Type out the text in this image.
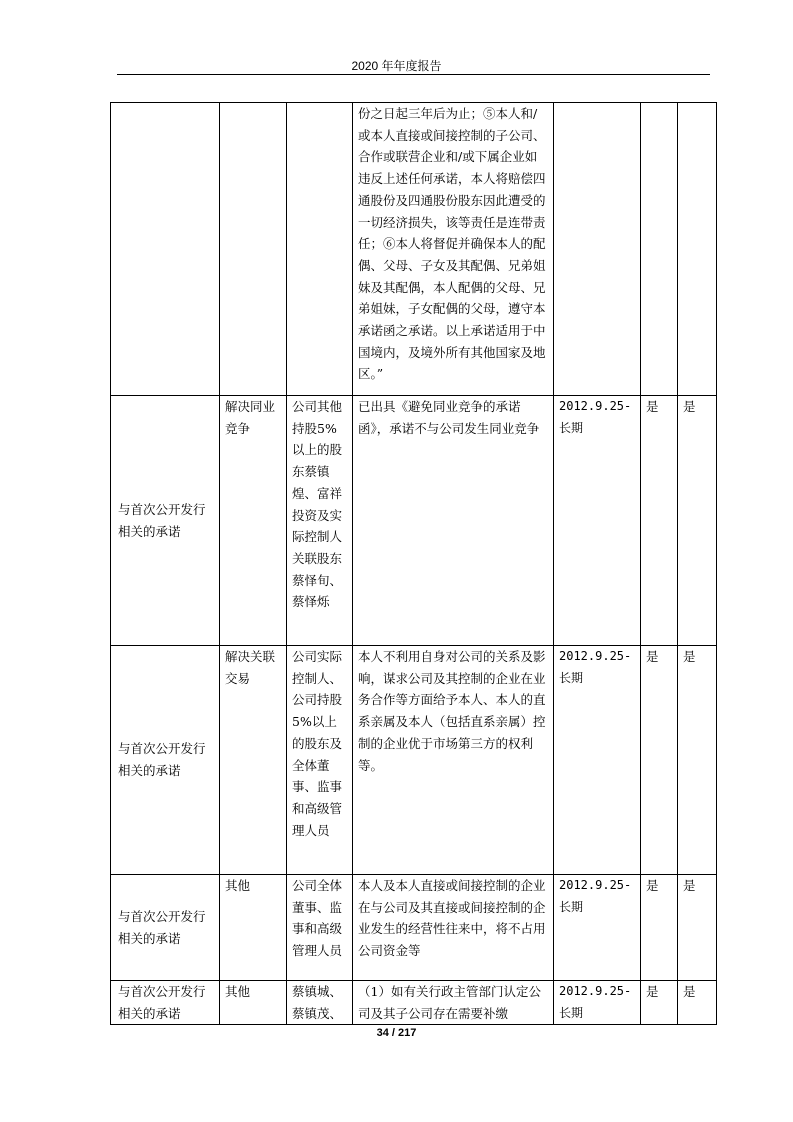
2020 年年度报告

			份之日起三年后为止；⑤本人和/或本人直接或间接控制的子公司、合作或联营企业和/或下属企业如违反上述任何承诺，本人将赔偿四通股份及四通股份股东因此遭受的一切经济损失，该等责任是连带责任；⑥本人将督促并确保本人的配偶、父母、子女及其配偶、兄弟姐妹及其配偶，本人配偶的父母、兄弟姐妹，子女配偶的父母，遵守本承诺函之承诺。以上承诺适用于中国境内，及境外所有其他国家及地区。”			

与首次公开发行相关的承诺	解决同业竞争	公司其他持股5%以上的股东蔡镇煌、富祥投资及实际控制人关联股东蔡怿旬、蔡怿烁	已出具《避免同业竞争的承诺函》，承诺不与公司发生同业竞争	2012.9.25-长期	是	是
与首次公开发行相关的承诺	解决关联交易	公司实际控制人、公司持股 5%以上的股东及全体董事、监事和高级管理人员	本人不利用自身对公司的关系及影响，谋求公司及其控制的企业在业务合作等方面给予本人、本人的直系亲属及本人（包括直系亲属）控制的企业优于市场第三方的权利等。	2012.9.25-长期	是	是
与首次公开发行相关的承诺	其他	公司全体董事、监事和高级管理人员	本人及本人直接或间接控制的企业在与公司及其直接或间接控制的企业发生的经营性往来中，将不占用公司资金等	2012.9.25-长期	是	是
与首次公开发行相关的承诺	其他	蔡镇城、蔡镇茂、	（1）如有关行政主管部门认定公司及其子公司存在需要补缴	2012.9.25-长期	是	是
34 / 217
